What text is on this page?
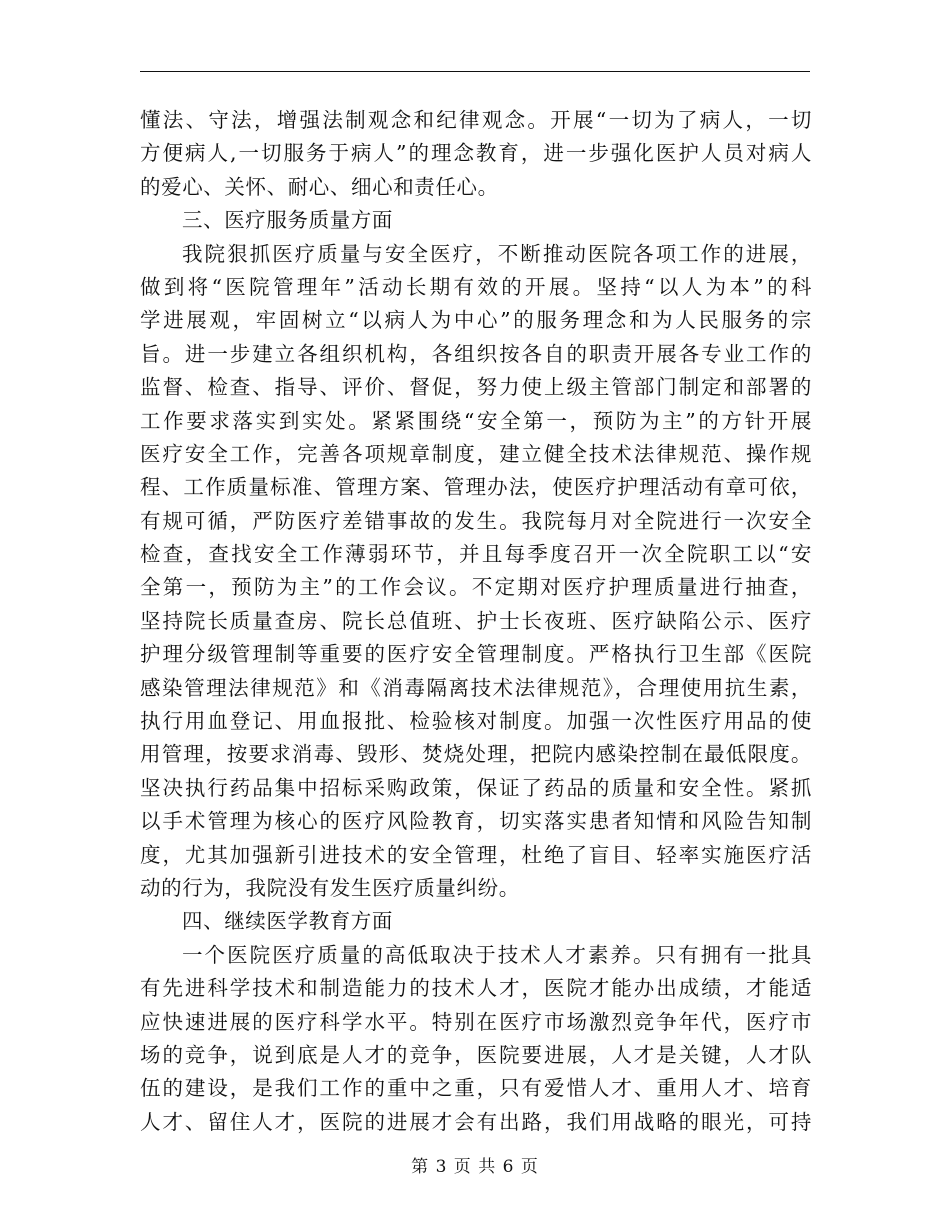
懂法、守法，增强法制观念和纪律观念。开展“一切为了病人，一切
方便病人,一切服务于病人”的理念教育，进一步强化医护人员对病人
的爱心、关怀、耐心、细心和责任心。
三、医疗服务质量方面
我院狠抓医疗质量与安全医疗，不断推动医院各项工作的进展，
做到将“医院管理年”活动长期有效的开展。坚持“以人为本”的科
学进展观，牢固树立“以病人为中心”的服务理念和为人民服务的宗
旨。进一步建立各组织机构，各组织按各自的职责开展各专业工作的
监督、检查、指导、评价、督促，努力使上级主管部门制定和部署的
工作要求落实到实处。紧紧围绕“安全第一，预防为主”的方针开展
医疗安全工作，完善各项规章制度，建立健全技术法律规范、操作规
程、工作质量标准、管理方案、管理办法，使医疗护理活动有章可依，
有规可循，严防医疗差错事故的发生。我院每月对全院进行一次安全
检查，查找安全工作薄弱环节，并且每季度召开一次全院职工以“安
全第一，预防为主”的工作会议。不定期对医疗护理质量进行抽查，
坚持院长质量查房、院长总值班、护士长夜班、医疗缺陷公示、医疗
护理分级管理制等重要的医疗安全管理制度。严格执行卫生部《医院
感染管理法律规范》和《消毒隔离技术法律规范》，合理使用抗生素，
执行用血登记、用血报批、检验核对制度。加强一次性医疗用品的使
用管理，按要求消毒、毁形、焚烧处理，把院内感染控制在最低限度。
坚决执行药品集中招标采购政策，保证了药品的质量和安全性。紧抓
以手术管理为核心的医疗风险教育，切实落实患者知情和风险告知制
度，尤其加强新引进技术的安全管理，杜绝了盲目、轻率实施医疗活
动的行为，我院没有发生医疗质量纠纷。
四、继续医学教育方面
一个医院医疗质量的高低取决于技术人才素养。只有拥有一批具
有先进科学技术和制造能力的技术人才，医院才能办出成绩，才能适
应快速进展的医疗科学水平。特别在医疗市场激烈竞争年代，医疗市
场的竞争，说到底是人才的竞争，医院要进展，人才是关键，人才队
伍的建设，是我们工作的重中之重，只有爱惜人才、重用人才、培育
人才、留住人才，医院的进展才会有出路，我们用战略的眼光，可持
第 3 页 共 6 页
